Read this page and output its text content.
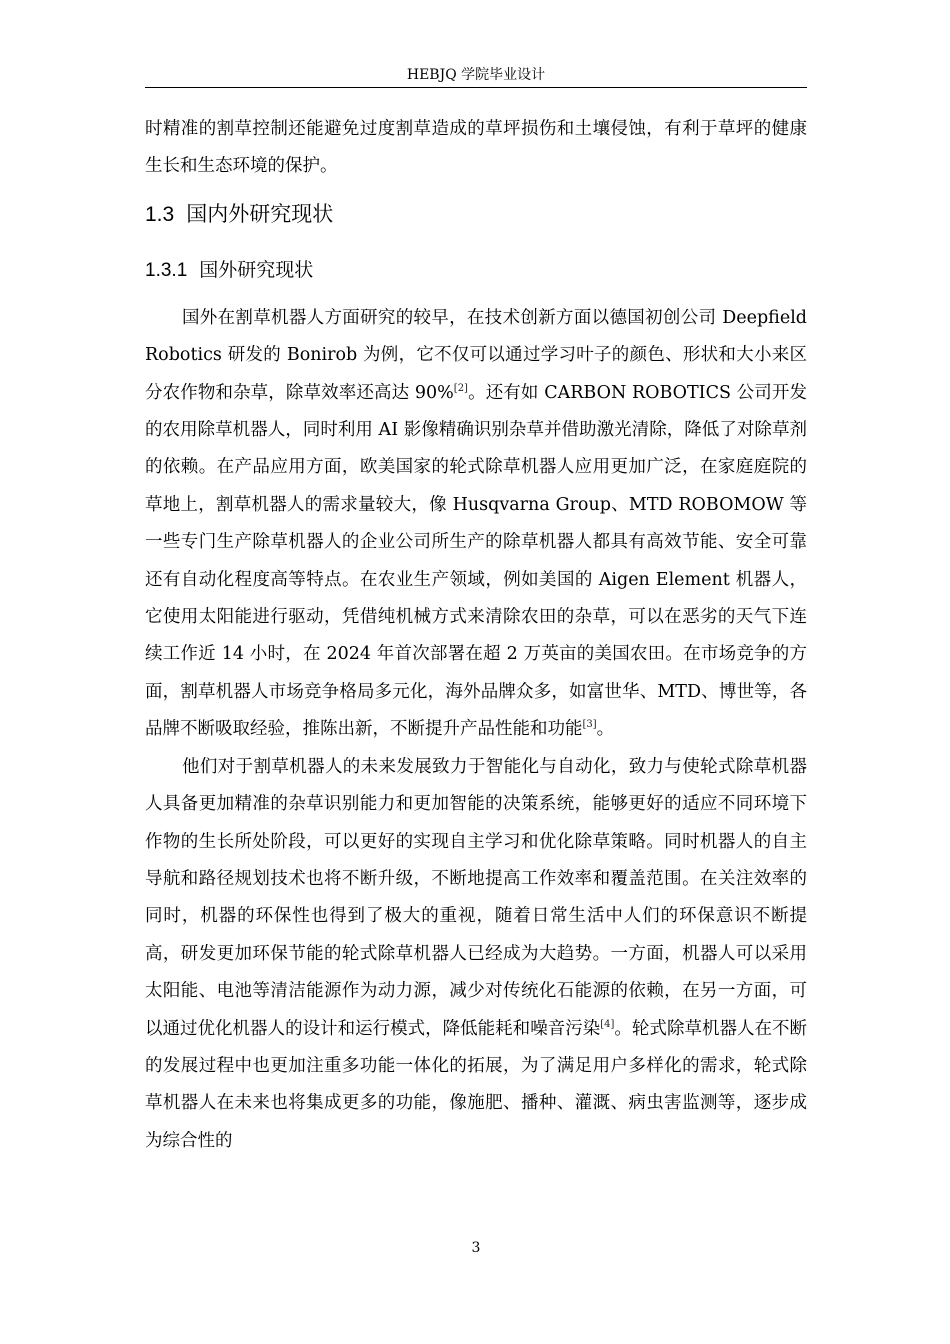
HEBJQ 学院毕业设计

时精准的割草控制还能避免过度割草造成的草坪损伤和土壤侵蚀，有利于草坪的健康生长和生态环境的保护。

1.3 国内外研究现状
1.3.1 国外研究现状

国外在割草机器人方面研究的较早，在技术创新方面以德国初创公司 Deepfield Robotics 研发的 Bonirob 为例，它不仅可以通过学习叶子的颜色、形状和大小来区分农作物和杂草，除草效率还高达 90%[2]。还有如 CARBON ROBOTICS 公司开发的农用除草机器人，同时利用 AI 影像精确识别杂草并借助激光清除，降低了对除草剂的依赖。在产品应用方面，欧美国家的轮式除草机器人应用更加广泛，在家庭庭院的草地上，割草机器人的需求量较大，像 Husqvarna Group、MTD ROBOMOW 等一些专门生产除草机器人的企业公司所生产的除草机器人都具有高效节能、安全可靠还有自动化程度高等特点。在农业生产领域，例如美国的 Aigen Element 机器人，它使用太阳能进行驱动，凭借纯机械方式来清除农田的杂草，可以在恶劣的天气下连续工作近 14 小时，在 2024 年首次部署在超 2 万英亩的美国农田。在市场竞争的方面，割草机器人市场竞争格局多元化，海外品牌众多，如富世华、MTD、博世等，各品牌不断吸取经验，推陈出新，不断提升产品性能和功能[3]。

他们对于割草机器人的未来发展致力于智能化与自动化，致力与使轮式除草机器人具备更加精准的杂草识别能力和更加智能的决策系统，能够更好的适应不同环境下作物的生长所处阶段，可以更好的实现自主学习和优化除草策略。同时机器人的自主导航和路径规划技术也将不断升级，不断地提高工作效率和覆盖范围。在关注效率的同时，机器的环保性也得到了极大的重视，随着日常生活中人们的环保意识不断提高，研发更加环保节能的轮式除草机器人已经成为大趋势。一方面，机器人可以采用太阳能、电池等清洁能源作为动力源，减少对传统化石能源的依赖，在另一方面，可以通过优化机器人的设计和运行模式，降低能耗和噪音污染[4]。轮式除草机器人在不断的发展过程中也更加注重多功能一体化的拓展，为了满足用户多样化的需求，轮式除草机器人在未来也将集成更多的功能，像施肥、播种、灌溉、病虫害监测等，逐步成为综合性的

3
